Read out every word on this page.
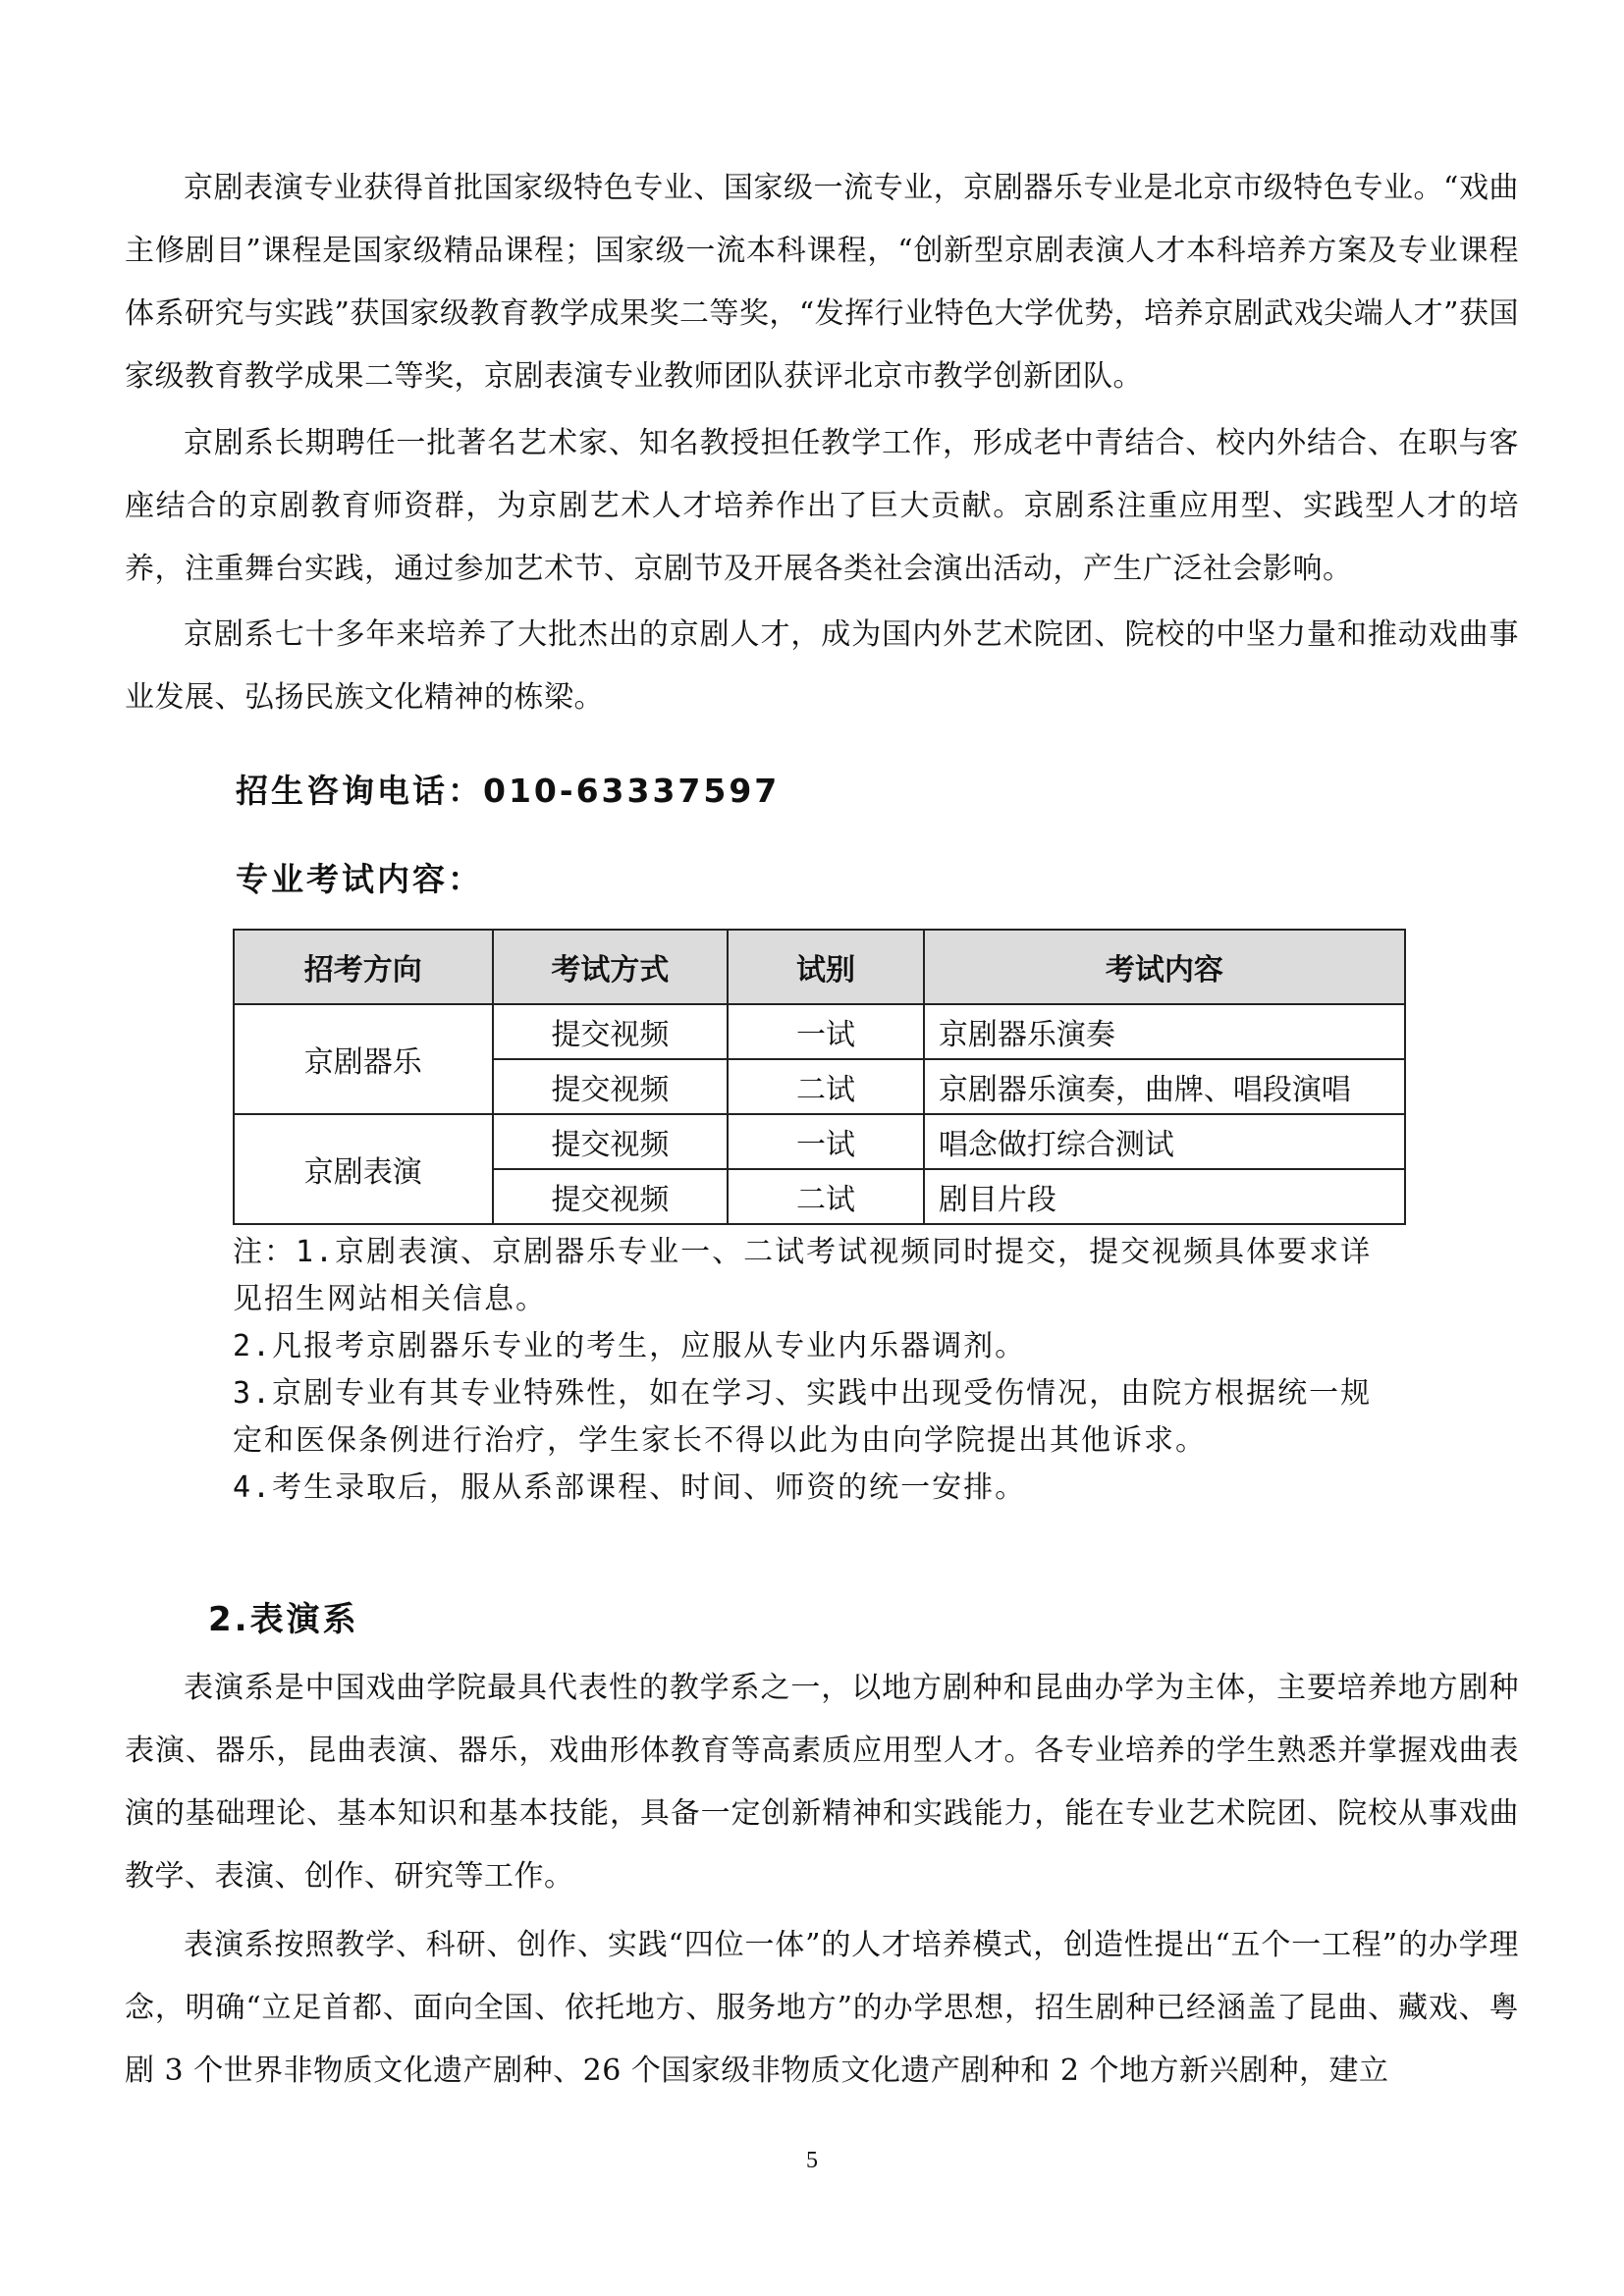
京剧表演专业获得首批国家级特色专业、国家级一流专业，京剧器乐专业是北京市级特色专业。“戏曲主修剧目”课程是国家级精品课程；国家级一流本科课程，“创新型京剧表演人才本科培养方案及专业课程体系研究与实践”获国家级教育教学成果奖二等奖，“发挥行业特色大学优势，培养京剧武戏尖端人才”获国家级教育教学成果二等奖，京剧表演专业教师团队获评北京市教学创新团队。

京剧系长期聘任一批著名艺术家、知名教授担任教学工作，形成老中青结合、校内外结合、在职与客座结合的京剧教育师资群，为京剧艺术人才培养作出了巨大贡献。京剧系注重应用型、实践型人才的培养，注重舞台实践，通过参加艺术节、京剧节及开展各类社会演出活动，产生广泛社会影响。

京剧系七十多年来培养了大批杰出的京剧人才，成为国内外艺术院团、院校的中坚力量和推动戏曲事业发展、弘扬民族文化精神的栋梁。

招生咨询电话：010-63337597

专业考试内容：

招考方向	考试方式	试别	考试内容
京剧器乐	提交视频	一试	京剧器乐演奏
	提交视频	二试	京剧器乐演奏，曲牌、唱段演唱
京剧表演	提交视频	一试	唱念做打综合测试
	提交视频	二试	剧目片段
注：1.京剧表演、京剧器乐专业一、二试考试视频同时提交，提交视频具体要求详
见招生网站相关信息。
2.凡报考京剧器乐专业的考生，应服从专业内乐器调剂。
3.京剧专业有其专业特殊性，如在学习、实践中出现受伤情况，由院方根据统一规
定和医保条例进行治疗，学生家长不得以此为由向学院提出其他诉求。
4.考生录取后，服从系部课程、时间、师资的统一安排。

2.表演系

表演系是中国戏曲学院最具代表性的教学系之一，以地方剧种和昆曲办学为主体，主要培养地方剧种表演、器乐，昆曲表演、器乐，戏曲形体教育等高素质应用型人才。各专业培养的学生熟悉并掌握戏曲表演的基础理论、基本知识和基本技能，具备一定创新精神和实践能力，能在专业艺术院团、院校从事戏曲教学、表演、创作、研究等工作。

表演系按照教学、科研、创作、实践“四位一体”的人才培养模式，创造性提出“五个一工程”的办学理念，明确“立足首都、面向全国、依托地方、服务地方”的办学思想，招生剧种已经涵盖了昆曲、藏戏、粤剧 3 个世界非物质文化遗产剧种、26 个国家级非物质文化遗产剧种和 2 个地方新兴剧种，建立

5
